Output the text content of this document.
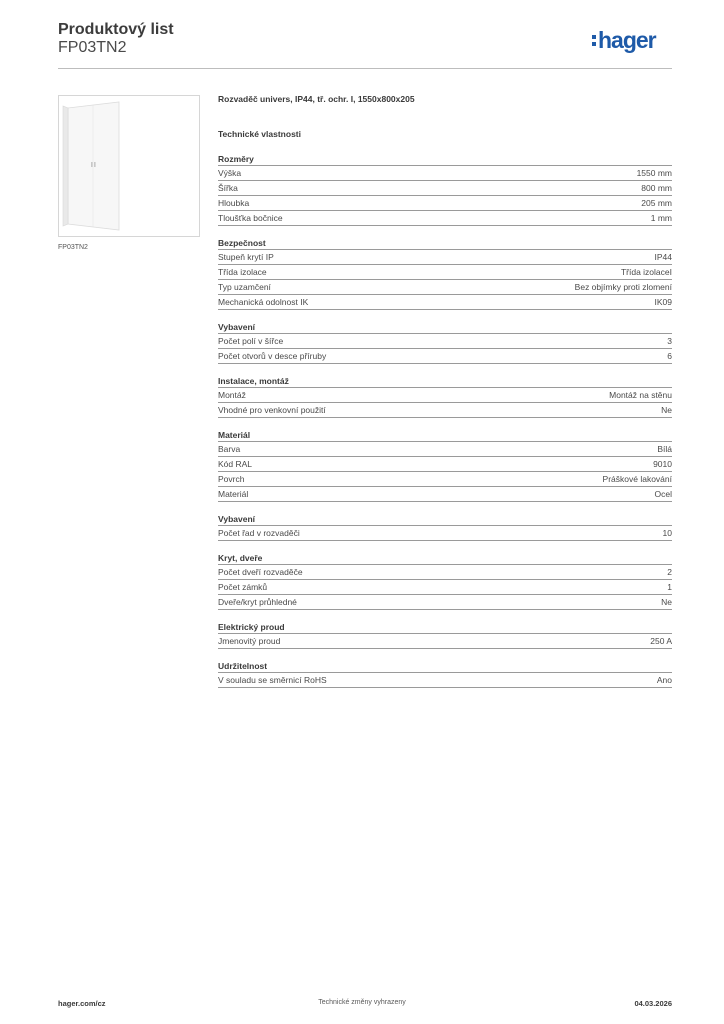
Produktový list
FP03TN2	hager
FP03TN2
Rozvaděč univers, IP44, tř. ochr. I, 1550x800x205
Technické vlastnosti
Rozměry
Výška	1550 mm
Šířka	800 mm
Hloubka	205 mm
Tloušťka bočnice	1 mm
Bezpečnost
Stupeň krytí IP	IP44
Třída izolace	Třída izolaceI
Typ uzamčení	Bez objímky proti zlomení
Mechanická odolnost IK	IK09
Vybavení
Počet polí v šířce	3
Počet otvorů v desce příruby	6
Instalace, montáž
Montáž	Montáž na stěnu
Vhodné pro venkovní použití	Ne
Materiál
Barva	Bílá
Kód RAL	9010
Povrch	Práškové lakování
Materiál	Ocel
Vybavení
Počet řad v rozvaděči	10
Kryt, dveře
Počet dveří rozvaděče	2
Počet zámků	1
Dveře/kryt průhledné	Ne
Elektrický proud
Jmenovitý proud	250 A
Udržitelnost
V souladu se směrnicí RoHS	Ano
hager.com/cz	Technické změny vyhrazeny	04.03.2026
